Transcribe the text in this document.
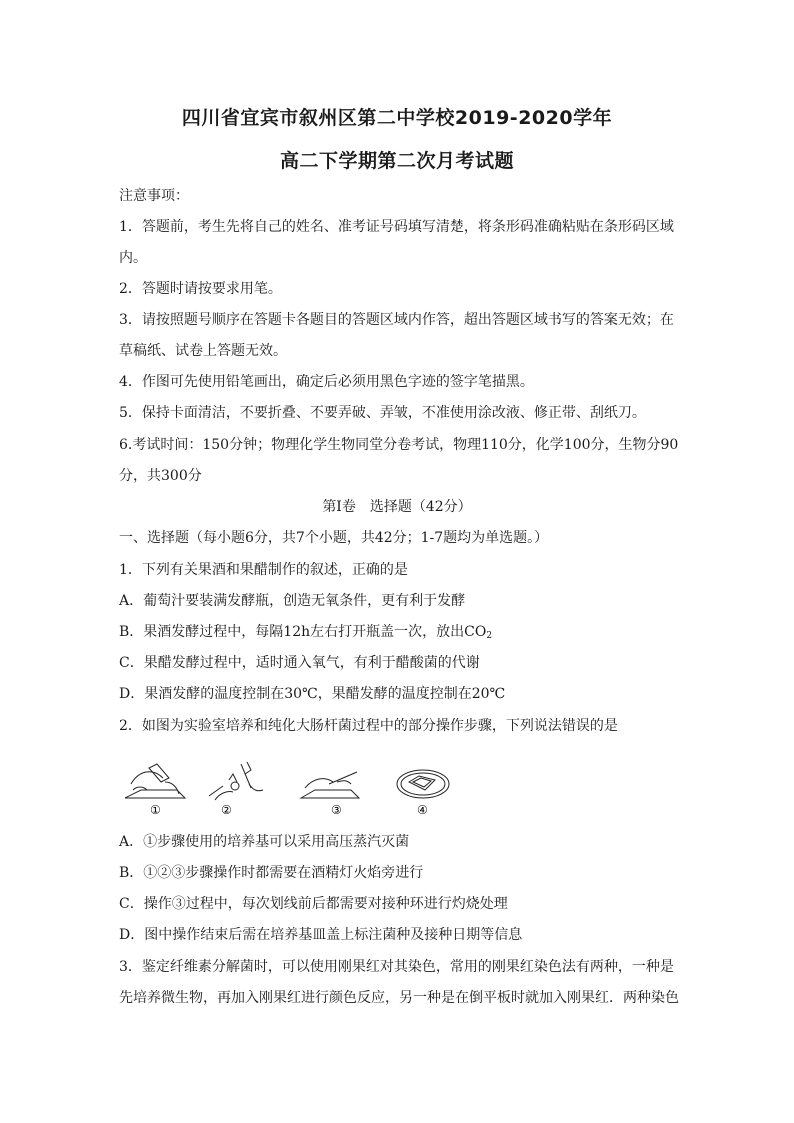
四川省宜宾市叙州区第二中学校2019-2020学年
高二下学期第二次月考试题
注意事项：
1．答题前，考生先将自己的姓名、准考证号码填写清楚，将条形码准确粘贴在条形码区域
内。
2．答题时请按要求用笔。
3．请按照题号顺序在答题卡各题目的答题区域内作答，超出答题区域书写的答案无效；在
草稿纸、试卷上答题无效。
4．作图可先使用铅笔画出，确定后必须用黑色字迹的签字笔描黑。
5．保持卡面清洁，不要折叠、不要弄破、弄皱，不准使用涂改液、修正带、刮纸刀。
6.考试时间：150分钟；物理化学生物同堂分卷考试，物理110分，化学100分，生物分90
分，共300分
第Ⅰ卷　选择题（42分）
一、选择题（每小题6分，共7个小题，共42分；1-7题均为单选题。）
1．下列有关果酒和果醋制作的叙述，正确的是
A．葡萄汁要装满发酵瓶，创造无氧条件，更有利于发酵
B．果酒发酵过程中，每隔12h左右打开瓶盖一次，放出$CO_2$
C．果醋发酵过程中，适时通入氧气，有利于醋酸菌的代谢
D．果酒发酵的温度控制在30℃，果醋发酵的温度控制在20℃
2．如图为实验室培养和纯化大肠杆菌过程中的部分操作步骤，下列说法错误的是
①	②	③	④
A．①步骤使用的培养基可以采用高压蒸汽灭菌
B．①②③步骤操作时都需要在酒精灯火焰旁进行
C．操作③过程中，每次划线前后都需要对接种环进行灼烧处理
D．图中操作结束后需在培养基皿盖上标注菌种及接种日期等信息
3．鉴定纤维素分解菌时，可以使用刚果红对其染色，常用的刚果红染色法有两种，一种是
先培养微生物，再加入刚果红进行颜色反应，另一种是在倒平板时就加入刚果红．两种染色
